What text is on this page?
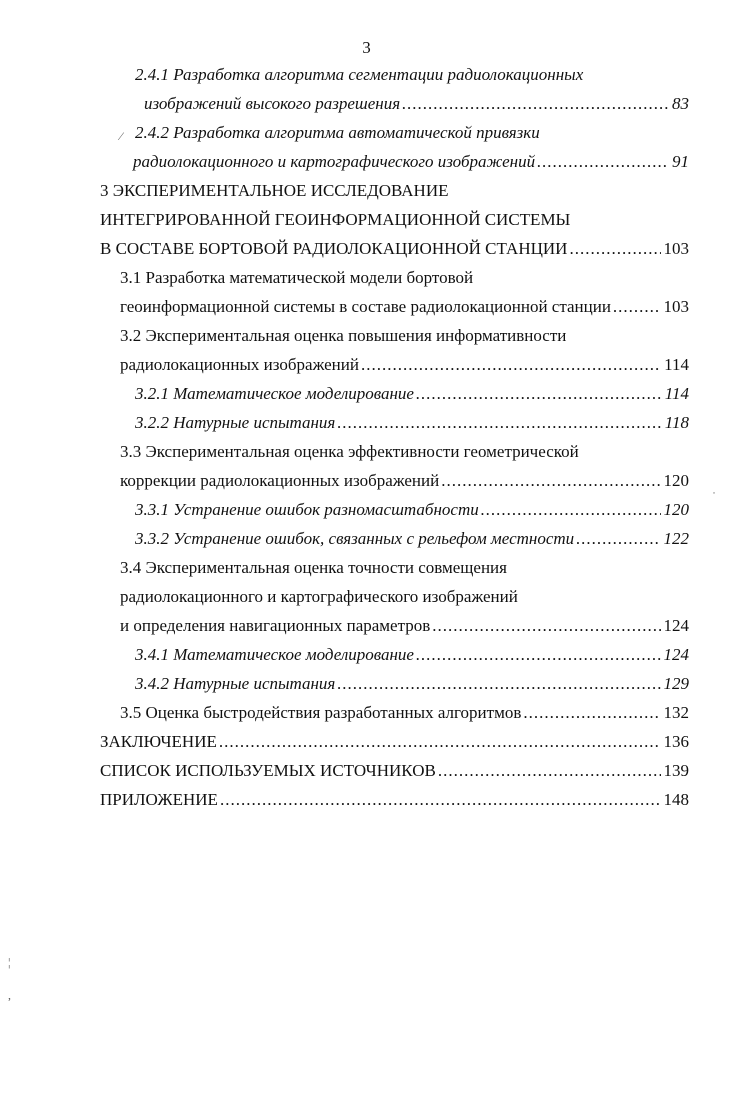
3
2.4.1 Разработка алгоритма сегментации радиолокационных
изображений высокого разрешения .....	83
⁄ 2.4.2 Разработка алгоритма автоматической привязки
радиолокационного и картографического изображений .....	91
3 ЭКСПЕРИМЕНТАЛЬНОЕ ИССЛЕДОВАНИЕ
ИНТЕГРИРОВАННОЙ ГЕОИНФОРМАЦИОННОЙ СИСТЕМЫ
В СОСТАВЕ БОРТОВОЙ РАДИОЛОКАЦИОННОЙ СТАНЦИИ .....	103
3.1 Разработка математической модели бортовой
геоинформационной системы в составе радиолокационной станции .....	103
3.2 Экспериментальная оценка повышения информативности
радиолокационных изображений .....	114
3.2.1 Математическое моделирование .....	114
3.2.2 Натурные испытания .....	118
3.3 Экспериментальная оценка эффективности геометрической
коррекции радиолокационных изображений .....	120
3.3.1 Устранение ошибок разномасштабности .....	120
˙
3.3.2 Устранение ошибок, связанных с рельефом местности .....	122
3.4 Экспериментальная оценка точности совмещения
радиолокационного и картографического изображений
и определения навигационных параметров .....	124
3.4.1 Математическое моделирование .....	124
3.4.2 Натурные испытания .....	129
3.5 Оценка быстродействия разработанных алгоритмов .....	132
ЗАКЛЮЧЕНИЕ .....	136
СПИСОК ИСПОЛЬЗУЕМЫХ ИСТОЧНИКОВ .....	139
ПРИЛОЖЕНИЕ .....	148
¦
,
